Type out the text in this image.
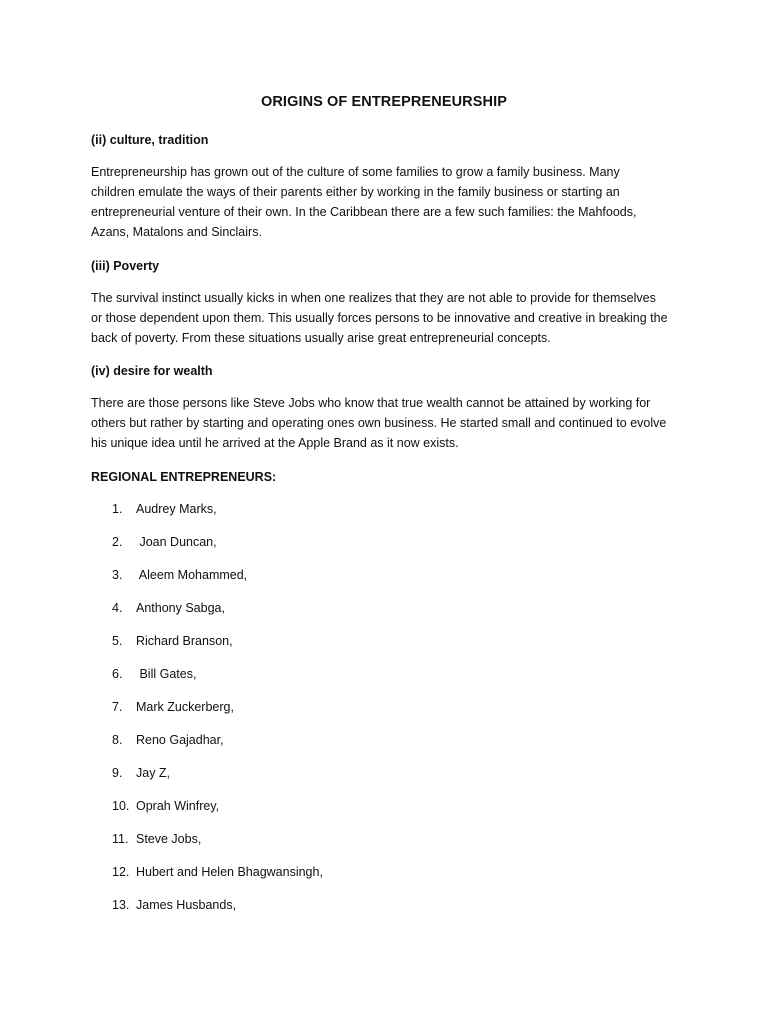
ORIGINS OF ENTREPRENEURSHIP
(ii) culture, tradition
Entrepreneurship has grown out of the culture of some families to grow a family business. Many
children emulate the ways of their parents either by working in the family business or starting an
entrepreneurial venture of their own. In the Caribbean there are a few such families: the Mahfoods,
Azans, Matalons and Sinclairs.
(iii) Poverty
The survival instinct usually kicks in when one realizes that they are not able to provide for themselves
or those dependent upon them. This usually forces persons to be innovative and creative in breaking the
back of poverty. From these situations usually arise great entrepreneurial concepts.
(iv) desire for wealth
There are those persons like Steve Jobs who know that true wealth cannot be attained by working for
others but rather by starting and operating ones own business. He started small and continued to evolve
his unique idea until he arrived at the Apple Brand as it now exists.
REGIONAL ENTREPRENEURS:
1. Audrey Marks,
2. Joan Duncan,
3. Aleem Mohammed,
4. Anthony Sabga,
5. Richard Branson,
6. Bill Gates,
7. Mark Zuckerberg,
8. Reno Gajadhar,
9. Jay Z,
10. Oprah Winfrey,
11. Steve Jobs,
12. Hubert and Helen Bhagwansingh,
13. James Husbands,
